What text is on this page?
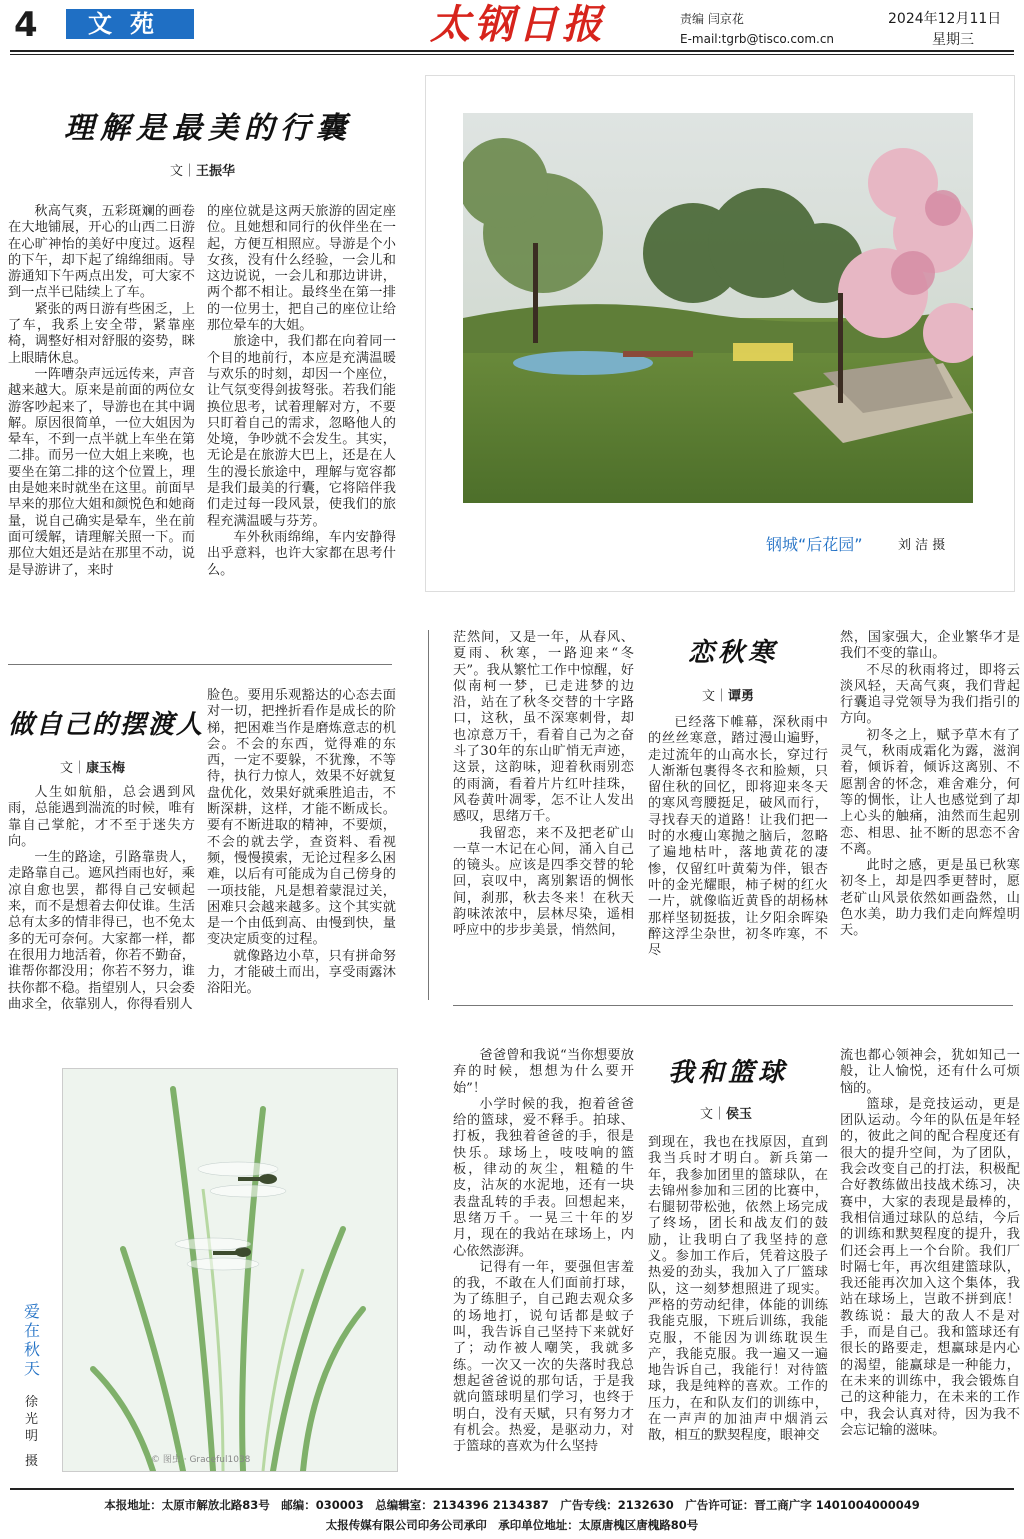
4	文苑	太钢日报	责编 闫京花
E-mail:tgrb@tisco.com.cn
2024年12月11日
星期三
理解是最美的行囊
文｜王振华

秋高气爽，五彩斑斓的画卷在大地铺展，开心的山西二日游在心旷神怡的美好中度过。返程的下午，却下起了绵绵细雨。导游通知下午两点出发，可大家不到一点半已陆续上了车。

紧张的两日游有些困乏，上了车，我系上安全带，紧靠座椅，调整好相对舒服的姿势，眯上眼睛休息。

一阵嘈杂声远远传来，声音越来越大。原来是前面的两位女游客吵起来了，导游也在其中调解。原因很简单，一位大姐因为晕车，不到一点半就上车坐在第二排。而另一位大姐上来晚，也要坐在第二排的这个位置上，理由是她来时就坐在这里。前面早早来的那位大姐和颜悦色和她商量，说自己确实是晕车，坐在前面可缓解，请理解关照一下。而那位大姐还是站在那里不动，说是导游讲了，来时

的座位就是这两天旅游的固定座位。且她想和同行的伙伴坐在一起，方便互相照应。导游是个小女孩，没有什么经验，一会儿和这边说说，一会儿和那边讲讲，两个都不相让。最终坐在第一排的一位男士，把自己的座位让给那位晕车的大姐。

旅途中，我们都在向着同一个目的地前行，本应是充满温暖与欢乐的时刻，却因一个座位，让气氛变得剑拔弩张。若我们能换位思考，试着理解对方，不要只盯着自己的需求，忽略他人的处境，争吵就不会发生。其实，无论是在旅游大巴上，还是在人生的漫长旅途中，理解与宽容都是我们最美的行囊，它将陪伴我们走过每一段风景，使我们的旅程充满温暖与芬芳。

车外秋雨绵绵，车内安静得出乎意料，也许大家都在思考什么。

钢城“后花园”	刘 洁 摄
做自己的摆渡人
文｜康玉梅

人生如航船，总会遇到风雨，总能遇到湍流的时候，唯有靠自己掌舵，才不至于迷失方向。

一生的路途，引路靠贵人，走路靠自己。遮风挡雨也好，乘凉自愈也罢，都得自己安顿起来，而不是想着去仰仗谁。生活总有太多的情非得已，也不免太多的无可奈何。大家都一样，都在很用力地活着，你若不勤奋，谁帮你都没用；你若不努力，谁扶你都不稳。指望别人，只会委曲求全，依靠别人，你得看别人

脸色。要用乐观豁达的心态去面对一切，把挫折看作是成长的阶梯，把困难当作是磨炼意志的机会。不会的东西，觉得难的东西，一定不要躲，不犹豫，不等待，执行力惊人，效果不好就复盘优化，效果好就乘胜追击，不断深耕，这样，才能不断成长。要有不断进取的精神，不要烦，不会的就去学，查资料、看视频，慢慢摸索，无论过程多么困难，以后有可能成为自己傍身的一项技能，凡是想着蒙混过关，困难只会越来越多。这个其实就是一个由低到高、由慢到快，量变决定质变的过程。

就像路边小草，只有拼命努力，才能破土而出，享受雨露沐浴阳光。

恋秋寒
文｜谭勇

茫然间，又是一年，从春风、夏雨、秋寒，一路迎来“冬天”。我从繁忙工作中惊醒，好似南柯一梦，已走进梦的边沿，站在了秋冬交替的十字路口，这秋，虽不深寒刺骨，却也凉意万千，看着自己为之奋斗了30年的东山旷悄无声迹，这景，这韵味，迎着秋雨别恋的雨滴，看着片片红叶挂珠，风卷黄叶凋零，怎不让人发出感叹，思绪万千。

我留恋，来不及把老矿山一草一木记在心间，涌入自己的镜头。应该是四季交替的轮回，哀叹中，离别絮语的惆怅间，刹那，秋去冬来！在秋天韵味浓浓中，层林尽染，遥相呼应中的步步美景，悄然间，

已经落下帷幕，深秋雨中的丝丝寒意，踏过漫山遍野，走过流年的山高水长，穿过行人渐渐包裹得冬衣和脸颊，只留住秋的回忆，即将迎来冬天的寒风弯腰挺足，破风而行，寻找春天的道路！让我们把一时的水瘦山寒抛之脑后，忽略了遍地枯叶，落地黄花的凄惨，仅留红叶黄菊为伴，银杏叶的金光耀眼，柿子树的红火一片，就像临近黄昏的胡杨林那样坚韧挺拔，让夕阳余晖染醉这浮尘杂世，初冬咋寒，不尽

然，国家强大，企业繁华才是我们不变的靠山。

不尽的秋雨将过，即将云淡风轻，天高气爽，我们背起行囊追寻党领导为我们指引的方向。

初冬之上，赋予草木有了灵气，秋雨成霜化为露，滋润着，倾诉着，倾诉这离别、不愿割舍的怀念，难舍难分，何等的惆怅，让人也感觉到了却上心头的触痛，油然而生起别恋、相思、扯不断的思恋不舍不离。

此时之感，更是虽已秋寒初冬上，却是四季更替时，愿老矿山风景依然如画盎然，山色水美，助力我们走向辉煌明天。

© 图虫 · Graceful1038
爱在秋天
徐光明
摄
我和篮球
文｜侯玉

爸爸曾和我说“当你想要放弃的时候，想想为什么要开始”！

小学时候的我，抱着爸爸给的篮球，爱不释手。拍球、打板，我独着爸爸的手，很是快乐。球场上，吱吱响的篮板，律动的灰尘，粗糙的牛皮，沾灰的水泥地，还有一块表盘乱转的手表。回想起来，思绪万千。一晃三十年的岁月，现在的我站在球场上，内心依然澎湃。

记得有一年，要强但害羞的我，不敢在人们面前打球，为了练胆子，自己跑去观众多的场地打，说句话都是蚊子叫，我告诉自己坚持下来就好了；动作被人嘲笑，我就多练。一次又一次的失落时我总想起爸爸说的那句话，于是我就向篮球明星们学习，也终于明白，没有天赋，只有努力才有机会。热爱，是驱动力，对于篮球的喜欢为什么坚持

到现在，我也在找原因，直到我当兵时才明白。新兵第一年，我参加团里的篮球队，在去锦州参加和三团的比赛中，右腿韧带松弛，依然上场完成了终场，团长和战友们的鼓励，让我明白了我坚持的意义。参加工作后，凭着这股子热爱的劲头，我加入了厂篮球队，这一刻梦想照进了现实。严格的劳动纪律，体能的训练我能克服，下班后训练，我能克服，不能因为训练耽误生产，我能克服。我一遍又一遍地告诉自己，我能行！对待篮球，我是纯粹的喜欢。工作的压力，在和队友们的训练中，在一声声的加油声中烟消云散，相互的默契程度，眼神交

流也都心领神会，犹如知己一般，让人愉悦，还有什么可烦恼的。

篮球，是竞技运动，更是团队运动。今年的队伍是年轻的，彼此之间的配合程度还有很大的提升空间，为了团队，我会改变自己的打法，积极配合好教练做出技战术练习，决赛中，大家的表现是最棒的，我相信通过球队的总结，今后的训练和默契程度的提升，我们还会再上一个台阶。我们厂时隔七年，再次组建篮球队，我还能再次加入这个集体，我站在球场上，岂敢不拼到底！教练说：最大的敌人不是对手，而是自己。我和篮球还有很长的路要走，想赢球是内心的渴望，能赢球是一种能力，在未来的训练中，我会锻炼自己的这种能力，在未来的工作中，我会认真对待，因为我不会忘记输的滋味。

本报地址：太原市解放北路83号　邮编：030003　总编辑室：2134396 2134387　广告专线：2132630　广告许可证：晋工商广字 1401004000049
太报传媒有限公司印务公司承印　承印单位地址：太原唐槐区唐槐路80号
